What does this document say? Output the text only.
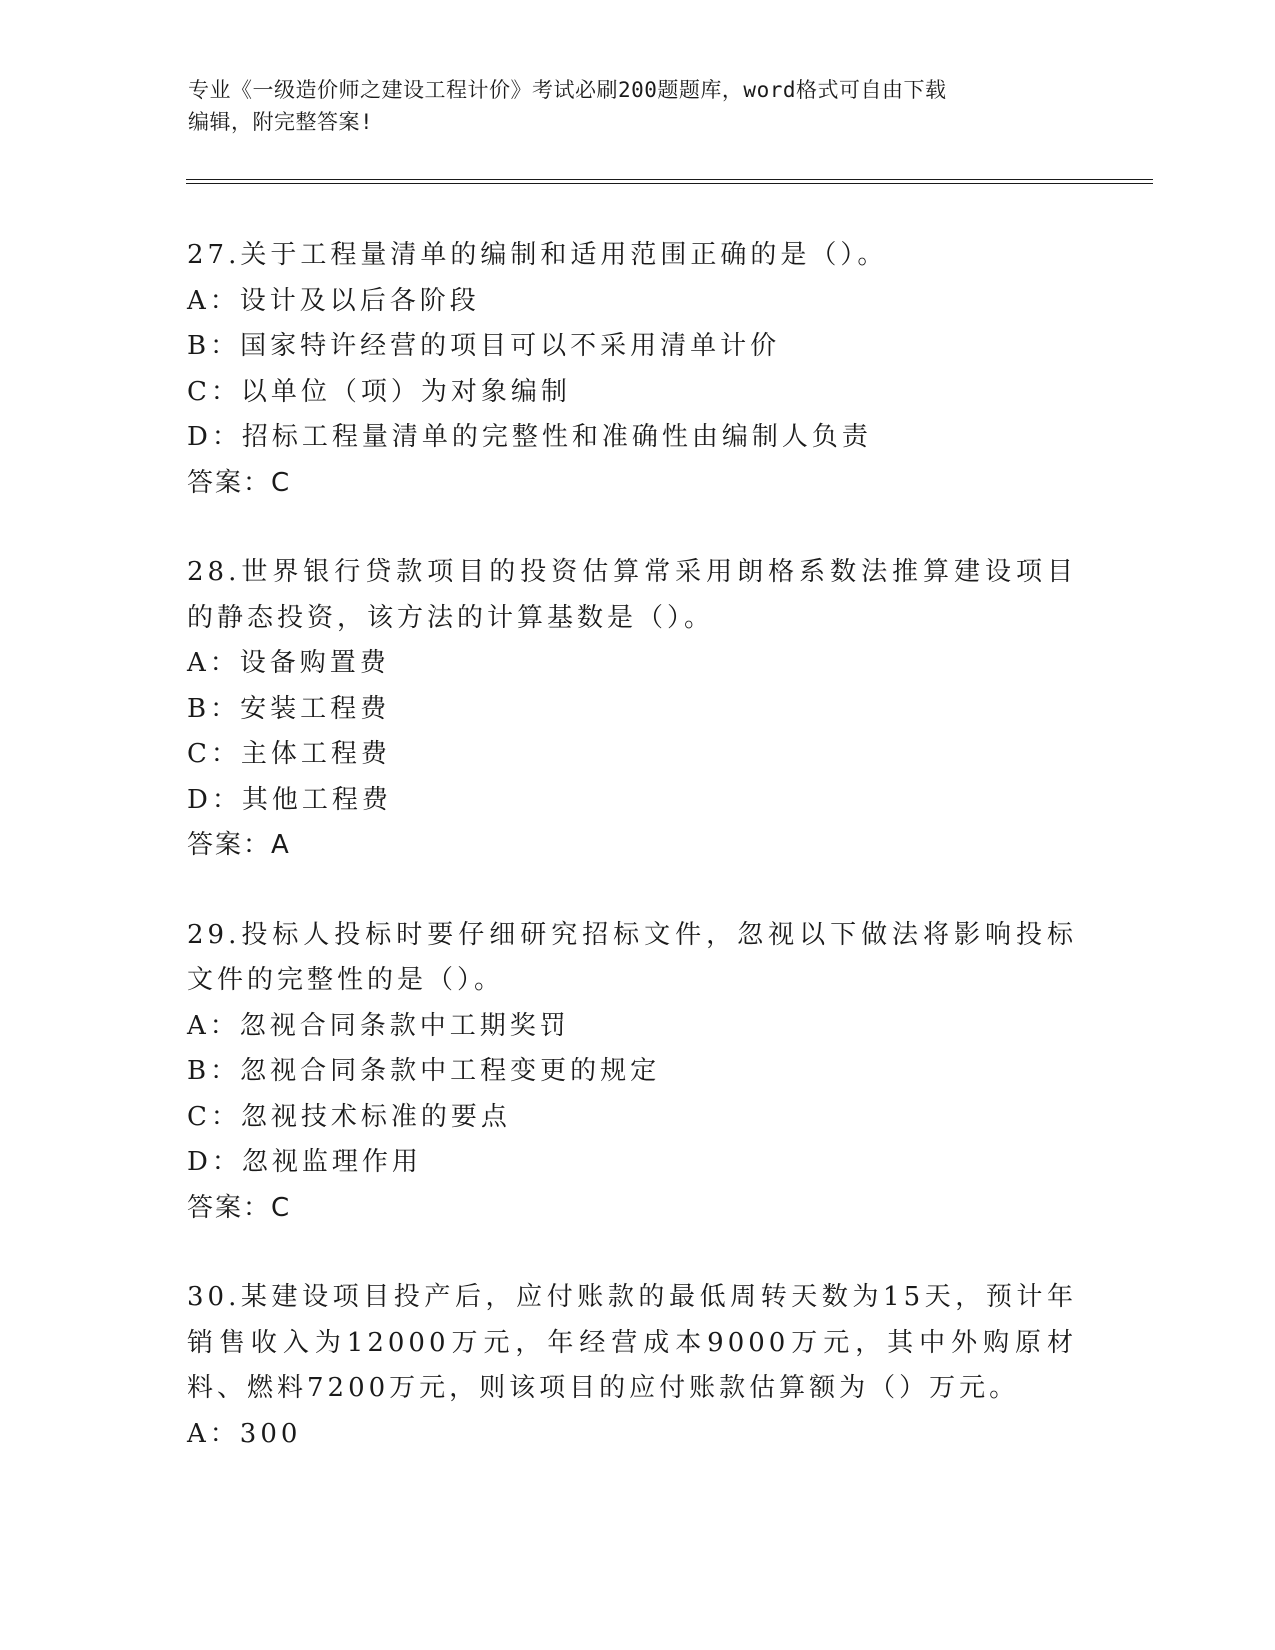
专业《一级造价师之建设工程计价》考试必刷200题题库，word格式可自由下载
编辑，附完整答案!
27.关于工程量清单的编制和适用范围正确的是（）。
A：设计及以后各阶段
B：国家特许经营的项目可以不采用清单计价
C：以单位（项）为对象编制
D：招标工程量清单的完整性和准确性由编制人负责
答案：C
28.世界银行贷款项目的投资估算常采用朗格系数法推算建设项目的静态投资，该方法的计算基数是（）。
A：设备购置费
B：安装工程费
C：主体工程费
D：其他工程费
答案：A
29.投标人投标时要仔细研究招标文件，忽视以下做法将影响投标文件的完整性的是（）。
A：忽视合同条款中工期奖罚
B：忽视合同条款中工程变更的规定
C：忽视技术标准的要点
D：忽视监理作用
答案：C
30.某建设项目投产后，应付账款的最低周转天数为15天，预计年销售收入为12000万元，年经营成本9000万元，其中外购原材料、燃料7200万元，则该项目的应付账款估算额为（）万元。
A：300
